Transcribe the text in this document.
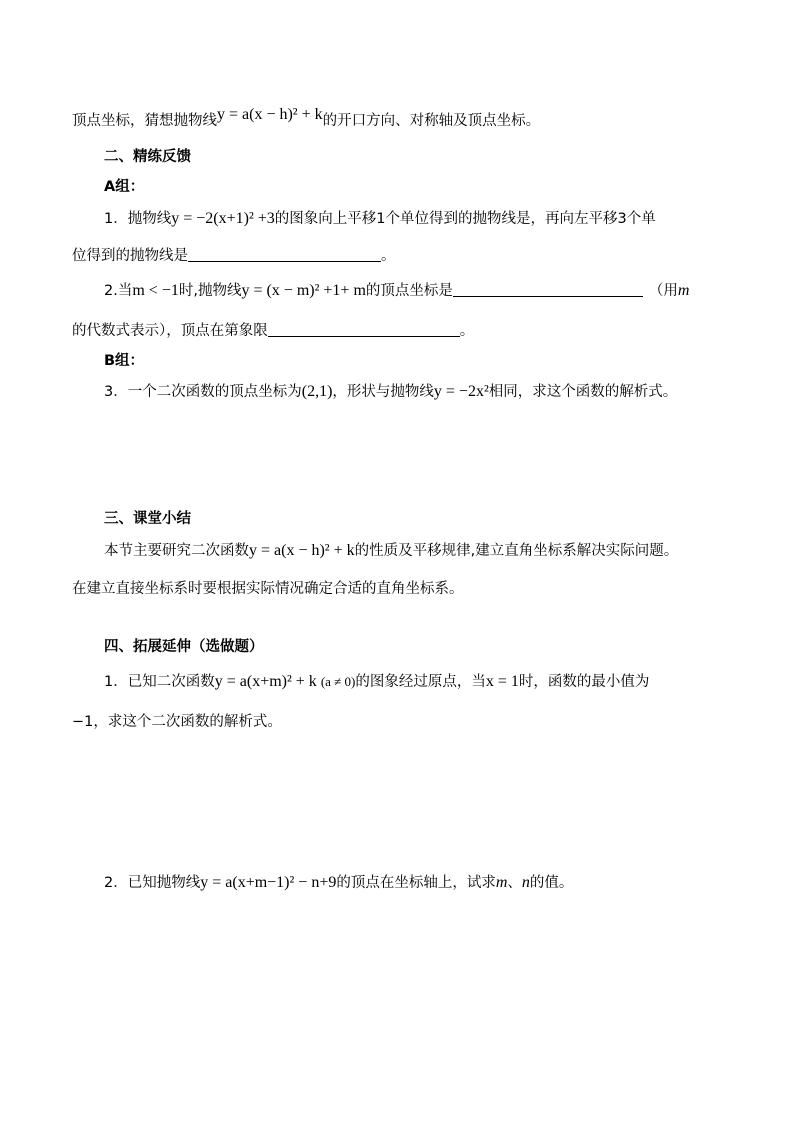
顶点坐标，猜想抛物线y = a(x − h)² + k的开口方向、对称轴及顶点坐标。
二、精练反馈
A组：
1．抛物线y = −2(x+1)² +3的图象向上平移1个单位得到的抛物线是，再向左平移3个单
位得到的抛物线是	。
2.当m < −1时,抛物线y = (x − m)² +1+ m的顶点坐标是	（用m
的代数式表示），顶点在第象限	。
B组：
3．一个二次函数的顶点坐标为(2,1)，形状与抛物线y = −2x²相同，求这个函数的解析式。
三、课堂小结
本节主要研究二次函数y = a(x − h)² + k的性质及平移规律,建立直角坐标系解决实际问题。
在建立直接坐标系时要根据实际情况确定合适的直角坐标系。
四、拓展延伸（选做题）
1．已知二次函数y = a(x+m)² + k (a ≠ 0)的图象经过原点，当x = 1时，函数的最小值为
−1，求这个二次函数的解析式。
2．已知抛物线y = a(x+m−1)² − n+9的顶点在坐标轴上，试求m、n的值。
